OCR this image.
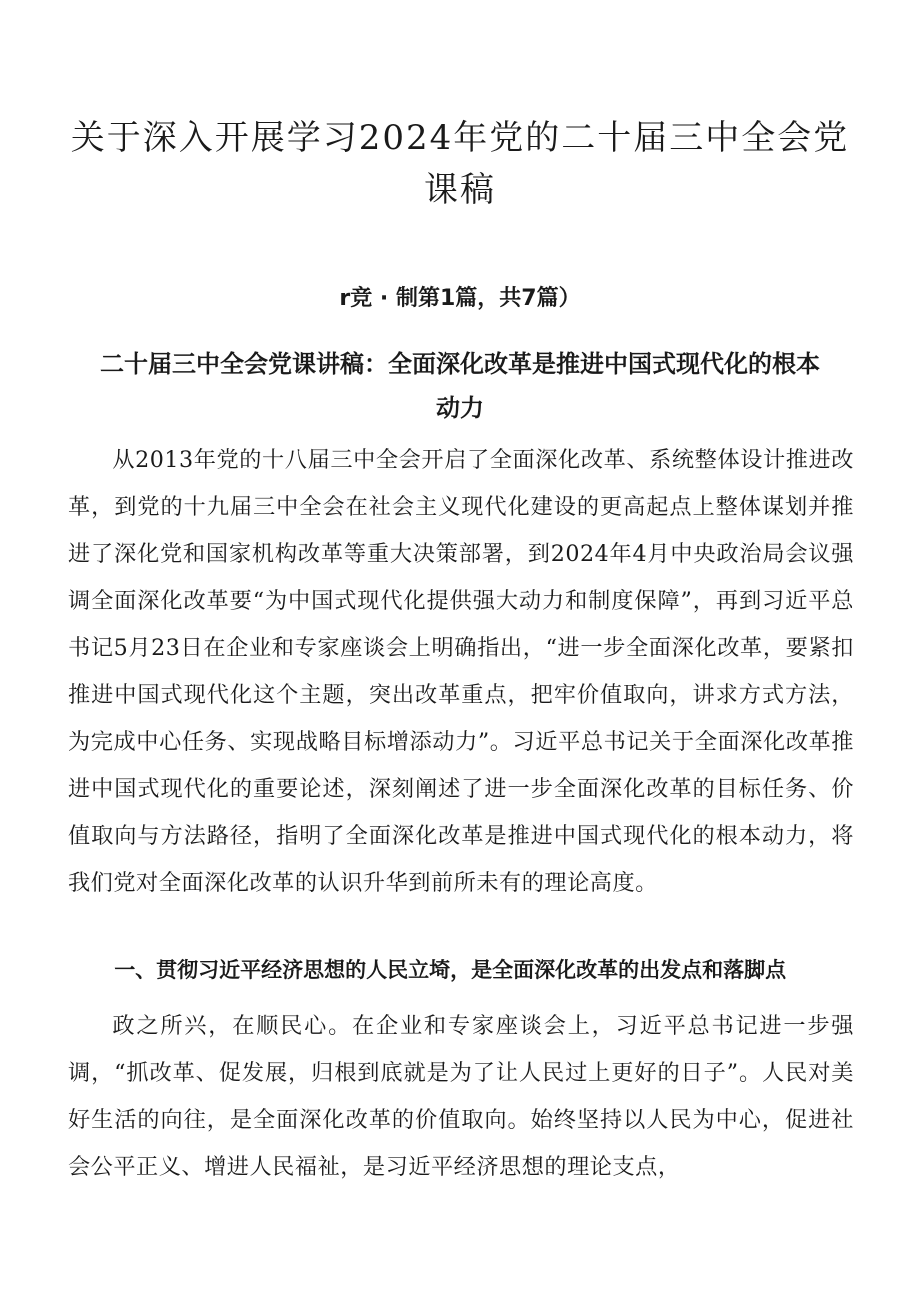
关于深入开展学习2024年党的二十届三中全会党课稿
r竞 · 制第1篇，共7篇）
二十届三中全会党课讲稿：全面深化改革是推进中国式现代化的根本动力

从2013年党的十八届三中全会开启了全面深化改革、系统整体设计推进改革，到党的十九届三中全会在社会主义现代化建设的更高起点上整体谋划并推进了深化党和国家机构改革等重大决策部署，到2024年4月中央政治局会议强调全面深化改革要“为中国式现代化提供强大动力和制度保障”，再到习近平总书记5月23日在企业和专家座谈会上明确指出，“进一步全面深化改革，要紧扣推进中国式现代化这个主题，突出改革重点，把牢价值取向，讲求方式方法，为完成中心任务、实现战略目标增添动力”。习近平总书记关于全面深化改革推进中国式现代化的重要论述，深刻阐述了进一步全面深化改革的目标任务、价值取向与方法路径，指明了全面深化改革是推进中国式现代化的根本动力，将我们党对全面深化改革的认识升华到前所未有的理论高度。

一、贯彻习近平经济思想的人民立埼，是全面深化改革的出发点和落脚点

政之所兴，在顺民心。在企业和专家座谈会上，习近平总书记进一步强调，“抓改革、促发展，归根到底就是为了让人民过上更好的日子”。人民对美好生活的向往，是全面深化改革的价值取向。始终坚持以人民为中心，促进社会公平正义、增进人民福祉，是习近平经济思想的理论支点，
